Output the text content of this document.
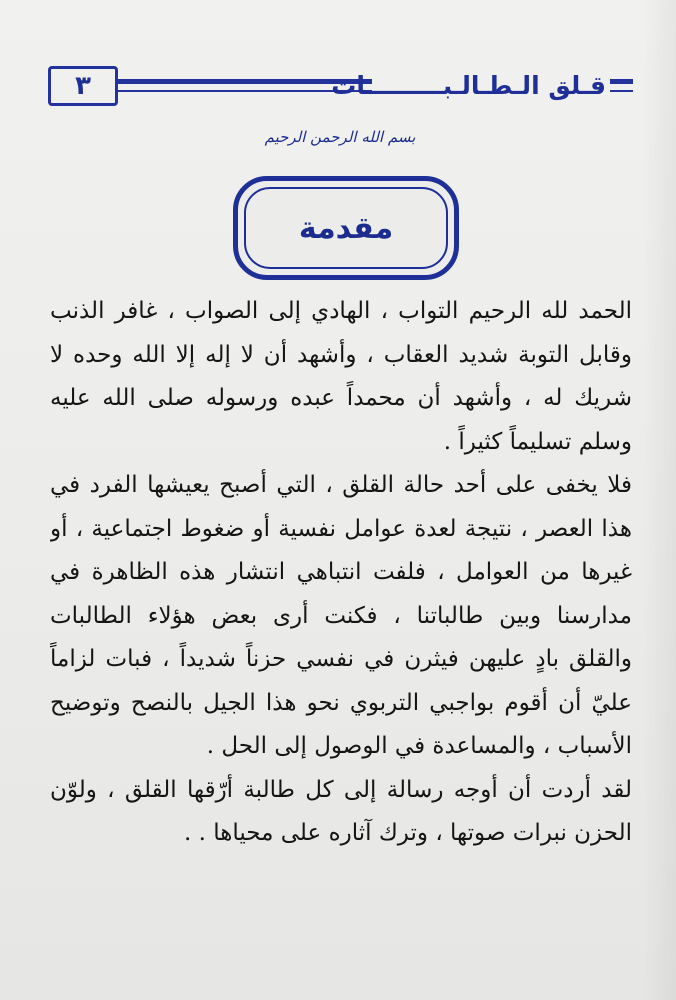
٣	قـلق الـطـالـبـــــــــات
بسم الله الرحمن الرحيم
مقدمة

الحمد لله الرحيم التواب ، الهادي إلى الصواب ، غافر الذنب وقابل التوبة شديد العقاب ، وأشهد أن لا إله إلا الله وحده لا شريك له ، وأشهد أن محمداً عبده ورسوله صلى الله عليه وسلم تسليماً كثيراً .

فلا يخفى على أحد حالة القلق ، التي أصبح يعيشها الفرد في هذا العصر ، نتيجة لعدة عوامل نفسية أو ضغوط اجتماعية ، أو غيرها من العوامل ، فلفت انتباهي انتشار هذه الظاهرة في مدارسنا وبين طالباتنا ، فكنت أرى بعض هؤلاء الطالبات والقلق بادٍ عليهن فيثرن في نفسي حزناً شديداً ، فبات لزاماً عليّ أن أقوم بواجبي التربوي نحو هذا الجيل بالنصح وتوضيح الأسباب ، والمساعدة في الوصول إلى الحل .

لقد أردت أن أوجه رسالة إلى كل طالبة أرّقها القلق ، ولوّن الحزن نبرات صوتها ، وترك آثاره على محياها . .
